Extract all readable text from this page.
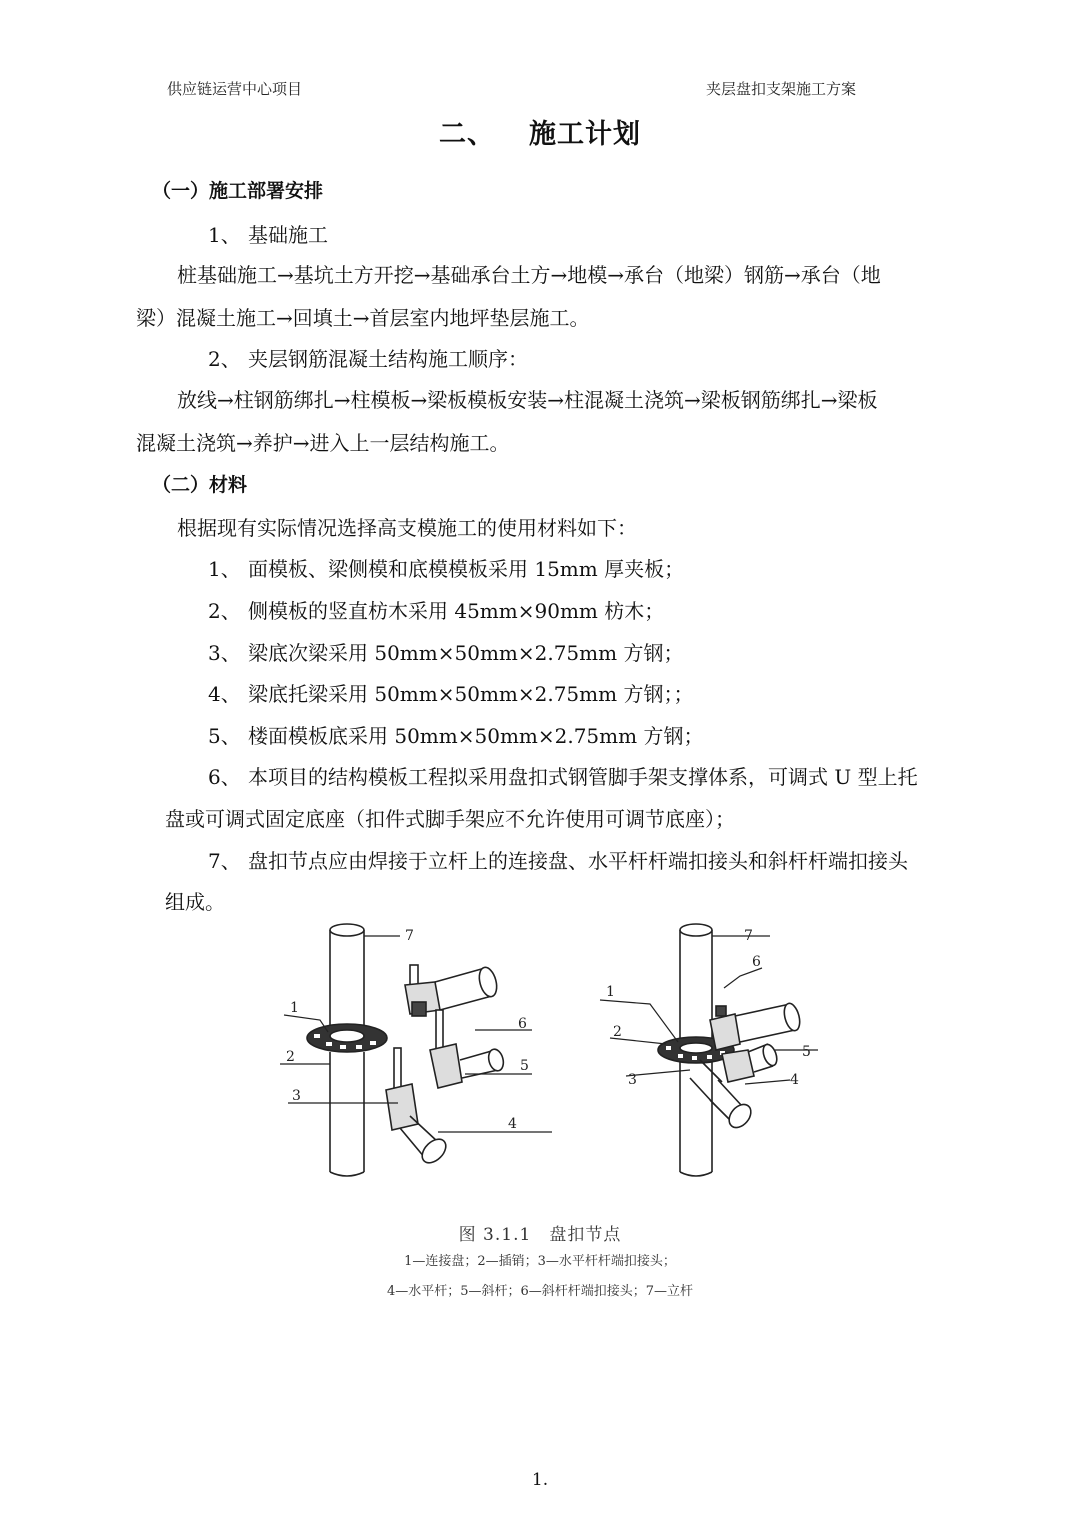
供应链运营中心项目	夹层盘扣支架施工方案
二、 施工计划
（一）施工部署安排
1、 基础施工
桩基础施工→基坑土方开挖→基础承台土方→地模→承台（地梁）钢筋→承台（地
梁）混凝土施工→回填土→首层室内地坪垫层施工。
2、 夹层钢筋混凝土结构施工顺序：
放线→柱钢筋绑扎→柱模板→梁板模板安装→柱混凝土浇筑→梁板钢筋绑扎→梁板
混凝土浇筑→养护→进入上一层结构施工。
（二）材料
根据现有实际情况选择高支模施工的使用材料如下：
1、 面模板、梁侧模和底模模板采用 15mm 厚夹板；
2、 侧模板的竖直枋木采用 45mm×90mm 枋木；
3、 梁底次梁采用 50mm×50mm×2.75mm 方钢；
4、 梁底托梁采用 50mm×50mm×2.75mm 方钢；；
5、 楼面模板底采用 50mm×50mm×2.75mm 方钢；
6、 本项目的结构模板工程拟采用盘扣式钢管脚手架支撑体系，可调式 U 型上托
盘或可调式固定底座（扣件式脚手架应不允许使用可调节底座）；
7、 盘扣节点应由焊接于立杆上的连接盘、水平杆杆端扣接头和斜杆杆端扣接头
组成。
7
1
2
3
6
5
4
7
1
2
3
6
5
4
图 3.1.1　盘扣节点
1—连接盘；2—插销；3—水平杆杆端扣接头；
4—水平杆；5—斜杆；6—斜杆杆端扣接头；7—立杆
1.
